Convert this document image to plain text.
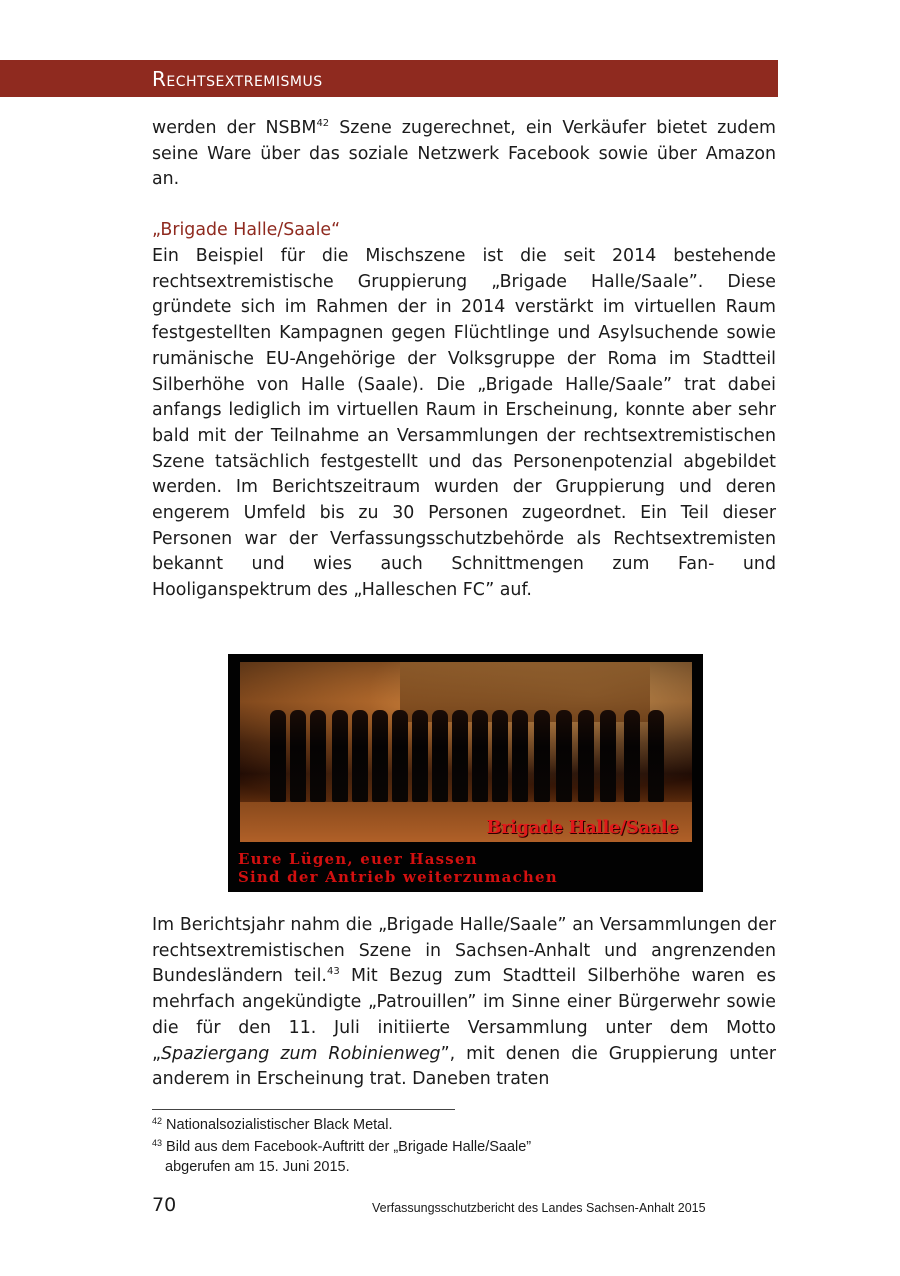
Rechtsextremismus

werden der NSBM$^{42}$ Szene zugerechnet, ein Verkäufer bietet zudem seine Ware über das soziale Netzwerk Facebook sowie über Amazon an.

„Brigade Halle/Saale“

Ein Beispiel für die Mischszene ist die seit 2014 bestehende rechtsextremistische Gruppierung „Brigade Halle/Saale”. Diese gründete sich im Rahmen der in 2014 verstärkt im virtuellen Raum festgestellten Kampagnen gegen Flüchtlinge und Asylsuchende sowie rumänische EU-Angehörige der Volksgruppe der Roma im Stadtteil Silberhöhe von Halle (Saale). Die „Brigade Halle/Saale” trat dabei anfangs lediglich im virtuellen Raum in Erscheinung, konnte aber sehr bald mit der Teilnahme an Versammlungen der rechtsextremistischen Szene tatsächlich festgestellt und das Personenpotenzial abgebildet werden. Im Berichtszeitraum wurden der Gruppierung und deren engerem Umfeld bis zu 30 Personen zugeordnet. Ein Teil dieser Personen war der Verfassungsschutzbehörde als Rechtsextremisten bekannt und wies auch Schnittmengen zum Fan- und Hooliganspektrum des „Halleschen FC” auf.

Brigade Halle/Saale

Eure Lügen, euer Hassen
Sind der Antrieb weiterzumachen

Im Berichtsjahr nahm die „Brigade Halle/Saale” an Versammlungen der rechtsextremistischen Szene in Sachsen-Anhalt und angrenzenden Bundesländern teil.$^{43}$ Mit Bezug zum Stadtteil Silberhöhe waren es mehrfach angekündigte „Patrouillen” im Sinne einer Bürgerwehr sowie die für den 11. Juli initiierte Versammlung unter dem Motto „Spaziergang zum Robinienweg”, mit denen die Gruppierung unter anderem in Erscheinung trat. Daneben traten

$^{42}$ Nationalsozialistischer Black Metal.

$^{43}$ Bild aus dem Facebook-Auftritt der „Brigade Halle/Saale”
abgerufen am 15. Juni 2015.

70	Verfassungsschutzbericht des Landes Sachsen-Anhalt 2015
